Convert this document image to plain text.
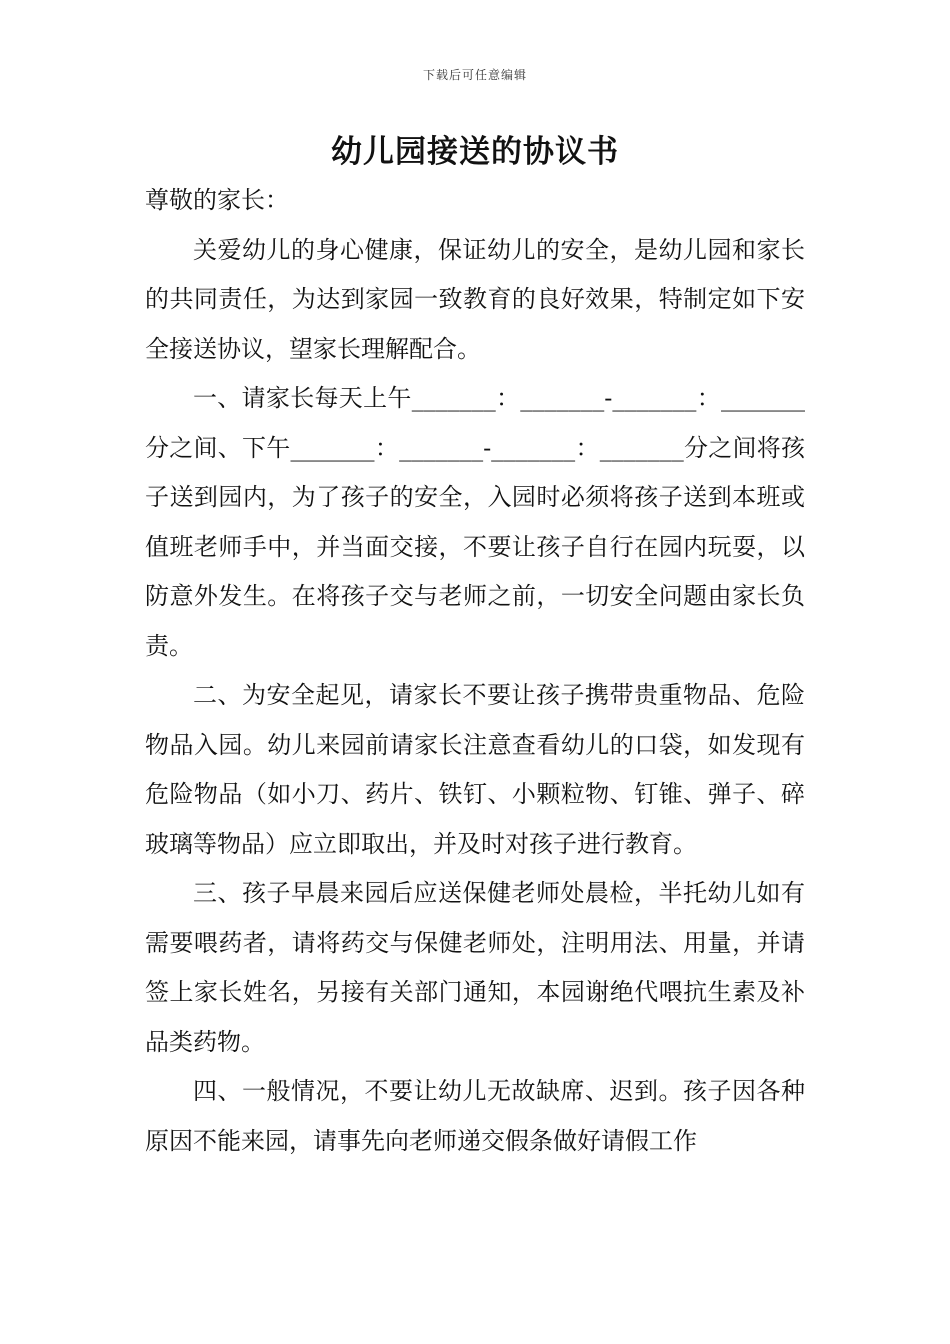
下载后可任意编辑
幼儿园接送的协议书

尊敬的家长：

关爱幼儿的身心健康，保证幼儿的安全，是幼儿园和家长的共同责任，为达到家园一致教育的良好效果，特制定如下安全接送协议，望家长理解配合。

一、请家长每天上午_______：_______-_______：_______分之间、下午_______：_______-_______：_______分之间将孩子送到园内，为了孩子的安全，入园时必须将孩子送到本班或值班老师手中，并当面交接，不要让孩子自行在园内玩耍，以防意外发生。在将孩子交与老师之前，一切安全问题由家长负责。

二、为安全起见，请家长不要让孩子携带贵重物品、危险物品入园。幼儿来园前请家长注意查看幼儿的口袋，如发现有危险物品（如小刀、药片、铁钉、小颗粒物、钉锥、弹子、碎玻璃等物品）应立即取出，并及时对孩子进行教育。

三、孩子早晨来园后应送保健老师处晨检，半托幼儿如有需要喂药者，请将药交与保健老师处，注明用法、用量，并请签上家长姓名，另接有关部门通知，本园谢绝代喂抗生素及补品类药物。

四、一般情况，不要让幼儿无故缺席、迟到。孩子因各种原因不能来园，请事先向老师递交假条做好请假工作
